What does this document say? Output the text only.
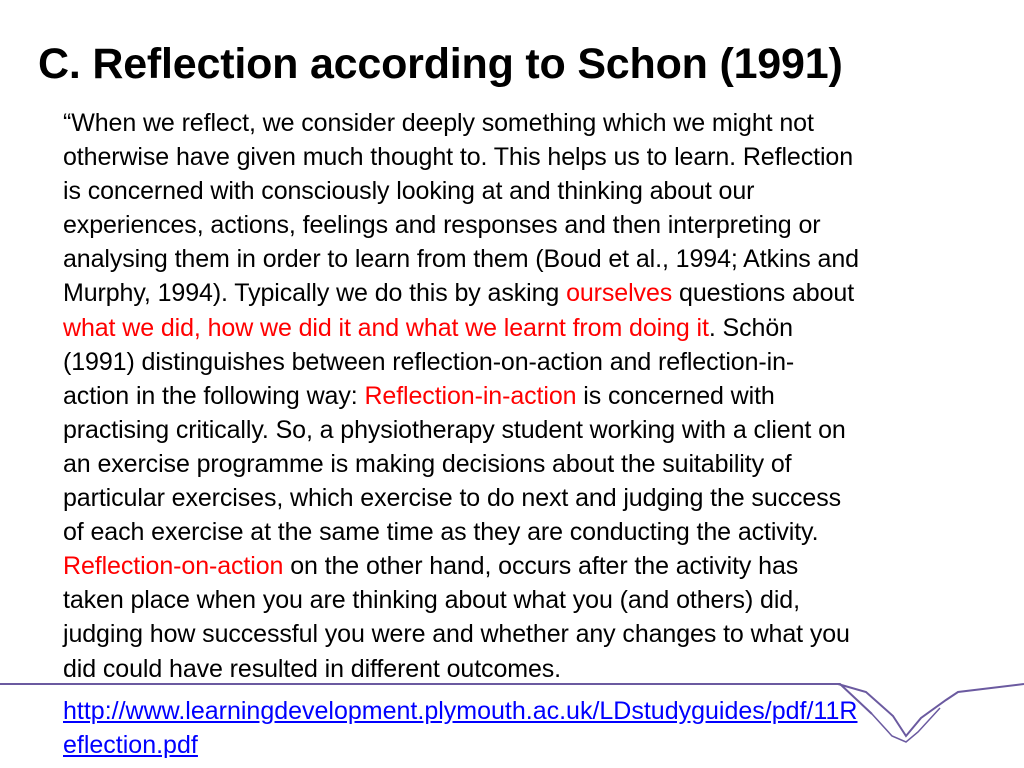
C. Reflection according to Schon (1991)
“When we reflect, we consider deeply something which we might not
otherwise have given much thought to. This helps us to learn. Reflection
is concerned with consciously looking at and thinking about our
experiences, actions, feelings and responses and then interpreting or
analysing them in order to learn from them (Boud et al., 1994; Atkins and
Murphy, 1994). Typically we do this by asking ourselves questions about
what we did, how we did it and what we learnt from doing it. Schön
(1991) distinguishes between reflection-on-action and reflection-in-
action in the following way: Reflection-in-action is concerned with
practising critically. So, a physiotherapy student working with a client on
an exercise programme is making decisions about the suitability of
particular exercises, which exercise to do next and judging the success
of each exercise at the same time as they are conducting the activity.
Reflection-on-action on the other hand, occurs after the activity has
taken place when you are thinking about what you (and others) did,
judging how successful you were and whether any changes to what you
did could have resulted in different outcomes.
http://www.learningdevelopment.plymouth.ac.uk/LDstudyguides/pdf/11R
eflection.pdf
